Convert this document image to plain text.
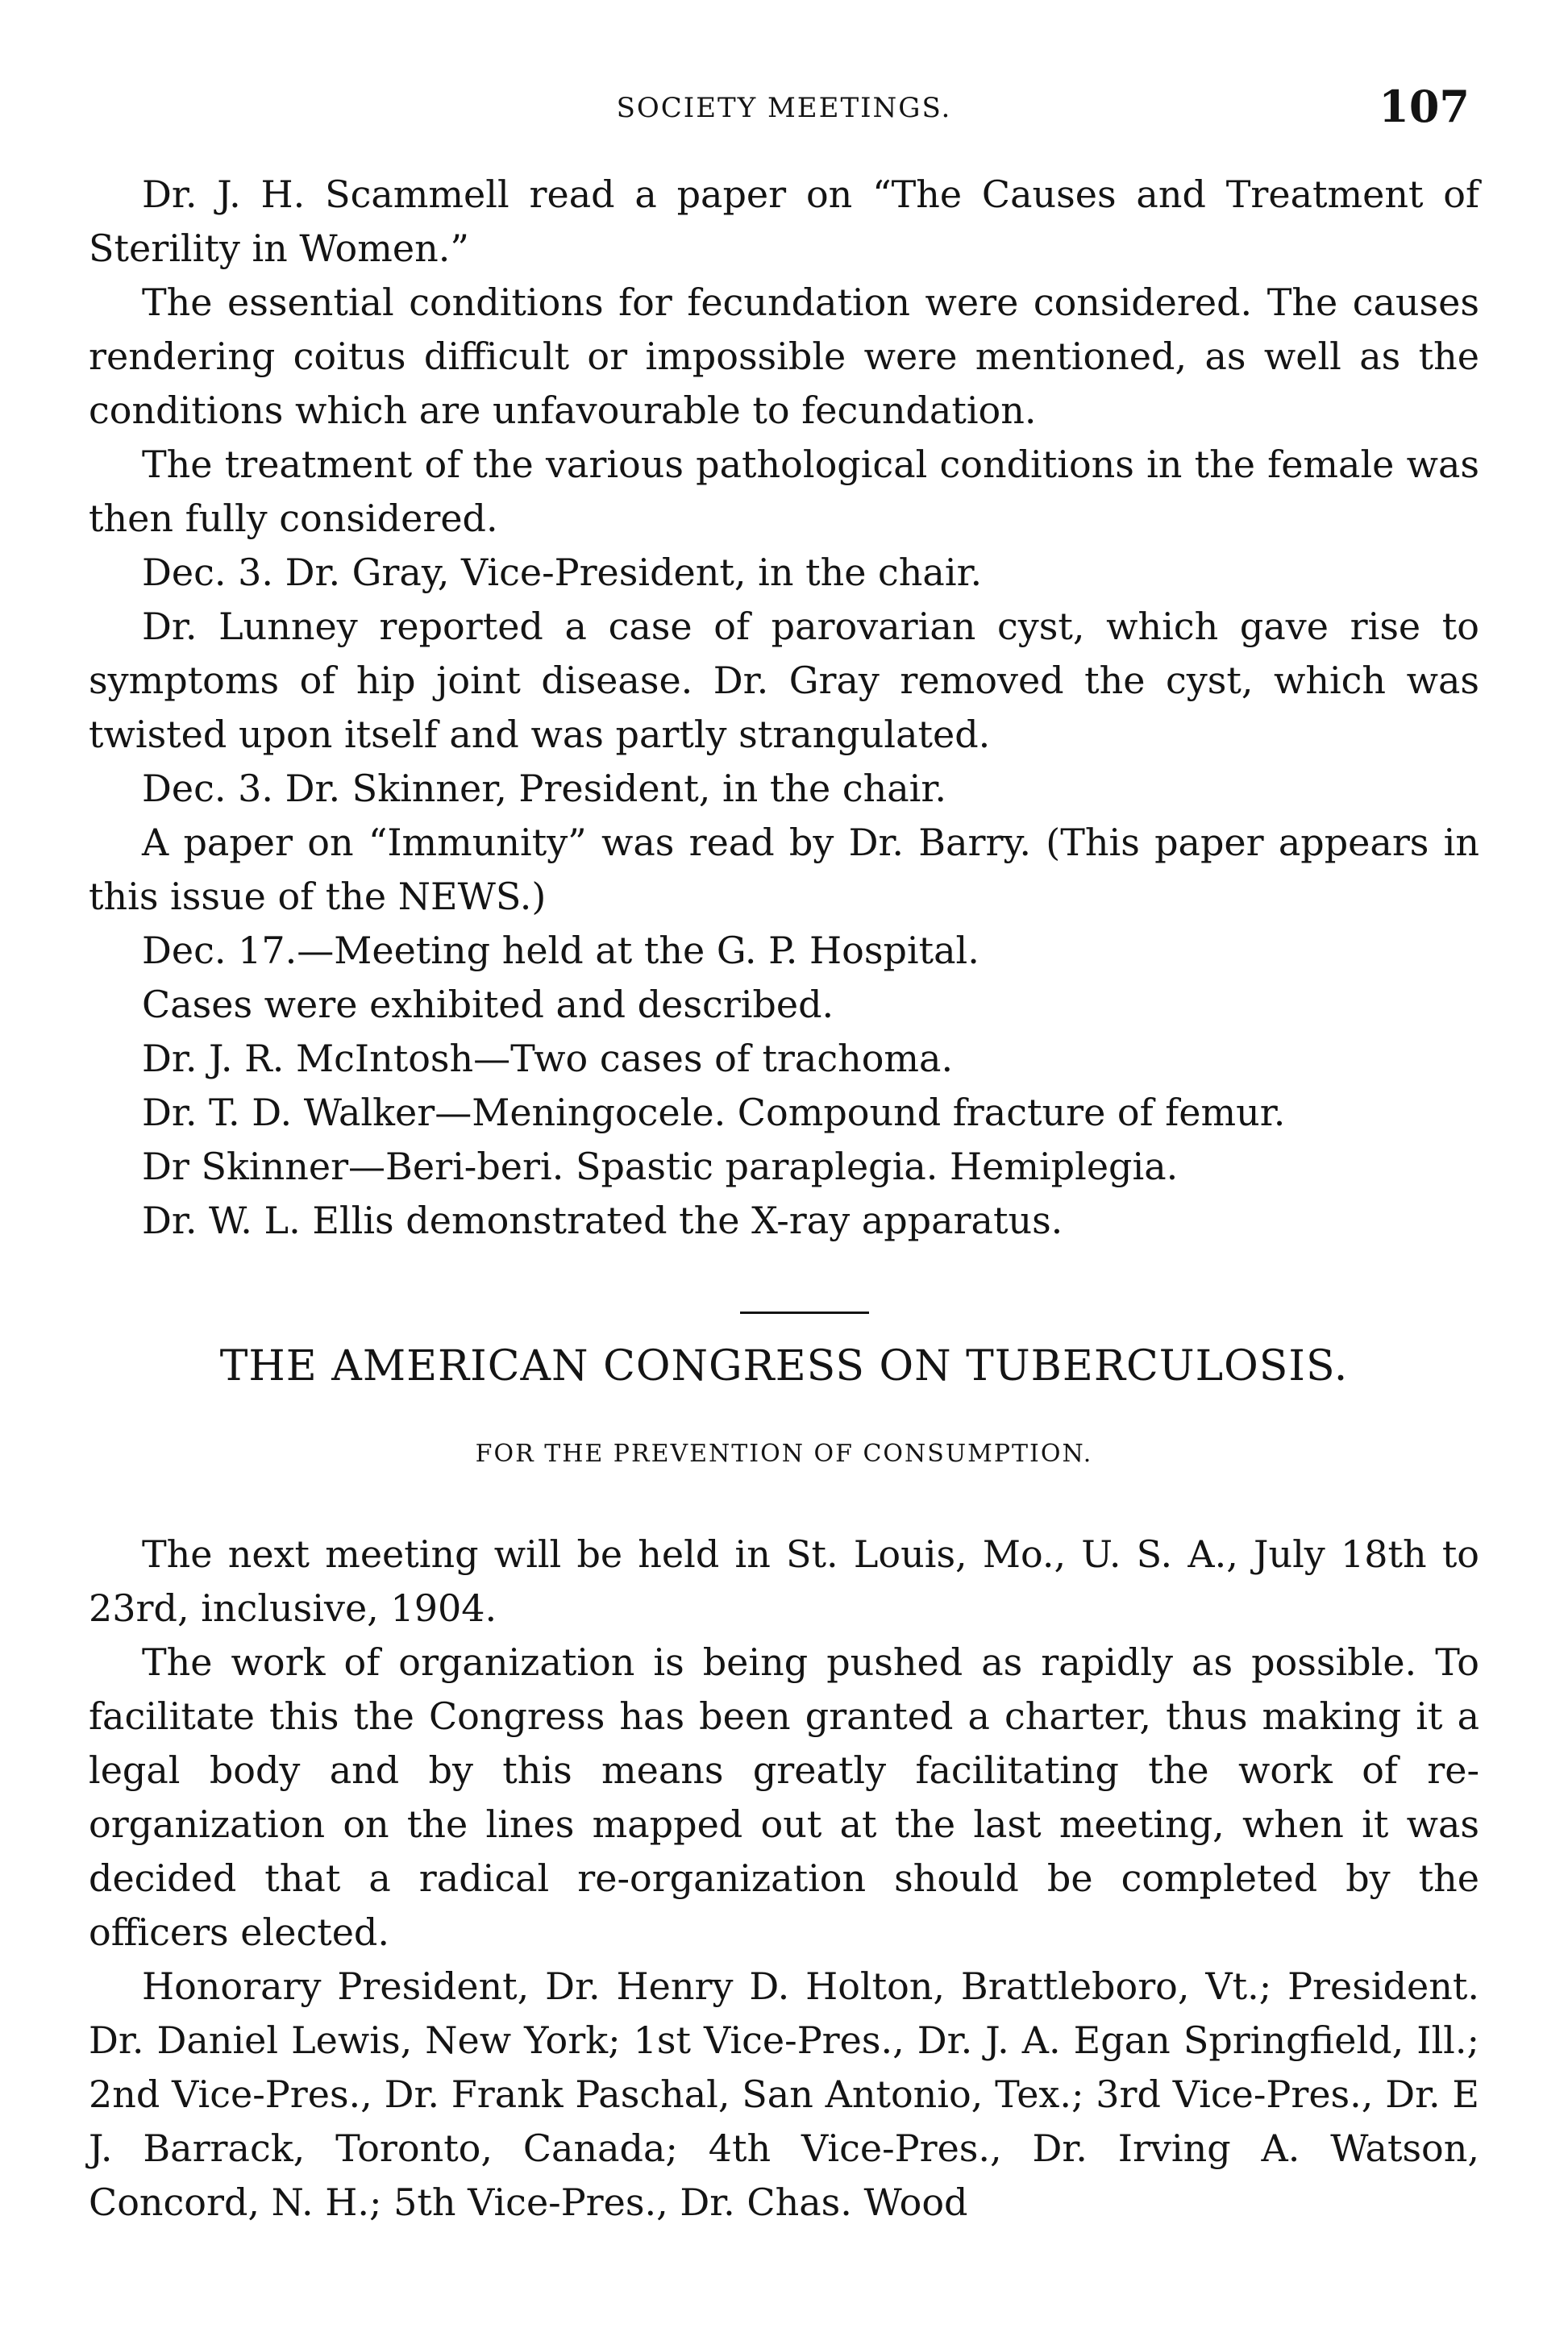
SOCIETY MEETINGS.	107

Dr. J. H. Scammell read a paper on “The Causes and Treatment of Sterility in Women.”

The essential conditions for fecundation were considered. The causes rendering coitus difficult or impossible were mentioned, as well as the conditions which are unfavourable to fecundation.

The treatment of the various pathological conditions in the female was then fully considered.

Dec. 3. Dr. Gray, Vice-President, in the chair.

Dr. Lunney reported a case of parovarian cyst, which gave rise to symptoms of hip joint disease. Dr. Gray removed the cyst, which was twisted upon itself and was partly strangulated.

Dec. 3. Dr. Skinner, President, in the chair.

A paper on “Immunity” was read by Dr. Barry. (This paper appears in this issue of the NEWS.)

Dec. 17.—Meeting held at the G. P. Hospital.

Cases were exhibited and described.

Dr. J. R. McIntosh—Two cases of trachoma.

Dr. T. D. Walker—Meningocele. Compound fracture of femur.

Dr Skinner—Beri-beri. Spastic paraplegia. Hemiplegia.

Dr. W. L. Ellis demonstrated the X-ray apparatus.

THE AMERICAN CONGRESS ON TUBERCULOSIS.
FOR THE PREVENTION OF CONSUMPTION.

The next meeting will be held in St. Louis, Mo., U. S. A., July 18th to 23rd, inclusive, 1904.

The work of organization is being pushed as rapidly as possible. To facilitate this the Congress has been granted a charter, thus making it a legal body and by this means greatly facilitating the work of re-organization on the lines mapped out at the last meeting, when it was decided that a radical re-organization should be completed by the officers elected.

Honorary President, Dr. Henry D. Holton, Brattleboro, Vt.; President. Dr. Daniel Lewis, New York; 1st Vice-Pres., Dr. J. A. Egan Springfield, Ill.; 2nd Vice-Pres., Dr. Frank Paschal, San Antonio, Tex.; 3rd Vice-Pres., Dr. E J. Barrack, Toronto, Canada; 4th Vice-Pres., Dr. Irving A. Watson, Concord, N. H.; 5th Vice-Pres., Dr. Chas. Wood
